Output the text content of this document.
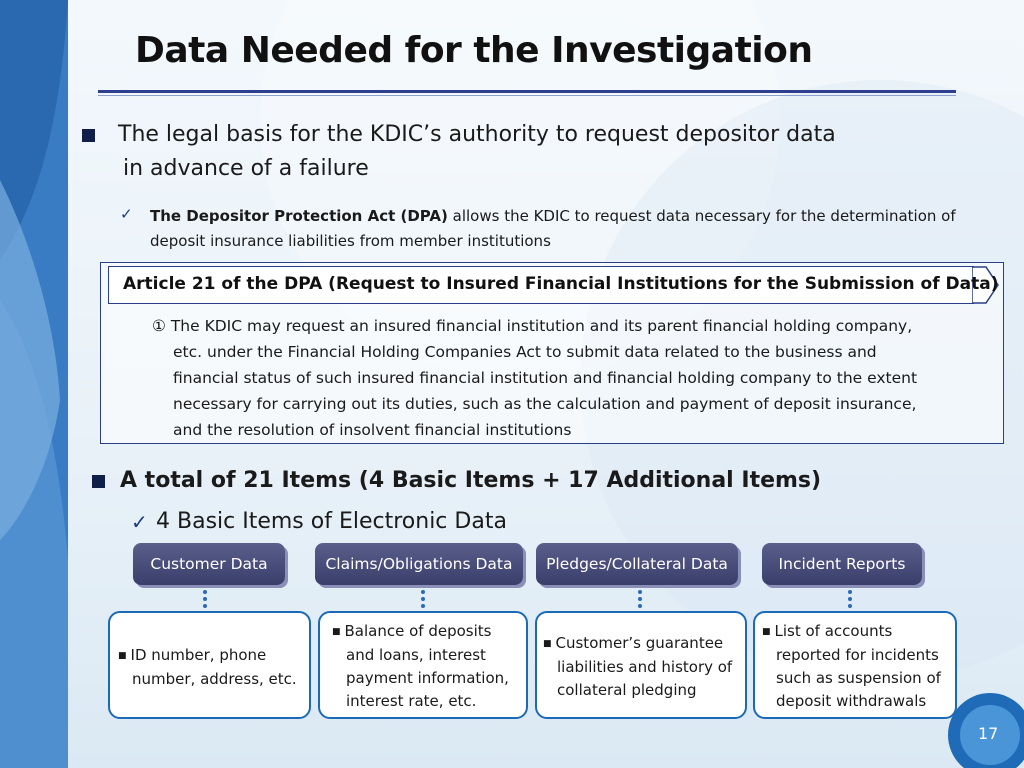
Data Needed for the Investigation
The legal basis for the KDIC’s authority to request depositor data
in advance of a failure
✓ The Depositor Protection Act (DPA) allows the KDIC to request data necessary for the determination of
deposit insurance liabilities from member institutions
Article 21 of the DPA (Request to Insured Financial Institutions for the Submission of Data)
① The KDIC may request an insured financial institution and its parent financial holding company,
etc. under the Financial Holding Companies Act to submit data related to the business and
financial status of such insured financial institution and financial holding company to the extent
necessary for carrying out its duties, such as the calculation and payment of deposit insurance,
and the resolution of insolvent financial institutions
A total of 21 Items (4 Basic Items + 17 Additional Items)
✓ 4 Basic Items of Electronic Data
Customer Data	Claims/Obligations Data	Pledges/Collateral Data	Incident Reports
■ ID number, phone
number, address, etc.
■ Balance of deposits
and loans, interest
payment information,
interest rate, etc.
■ Customer’s guarantee
liabilities and history of
collateral pledging
■ List of accounts
reported for incidents
such as suspension of
deposit withdrawals
17
